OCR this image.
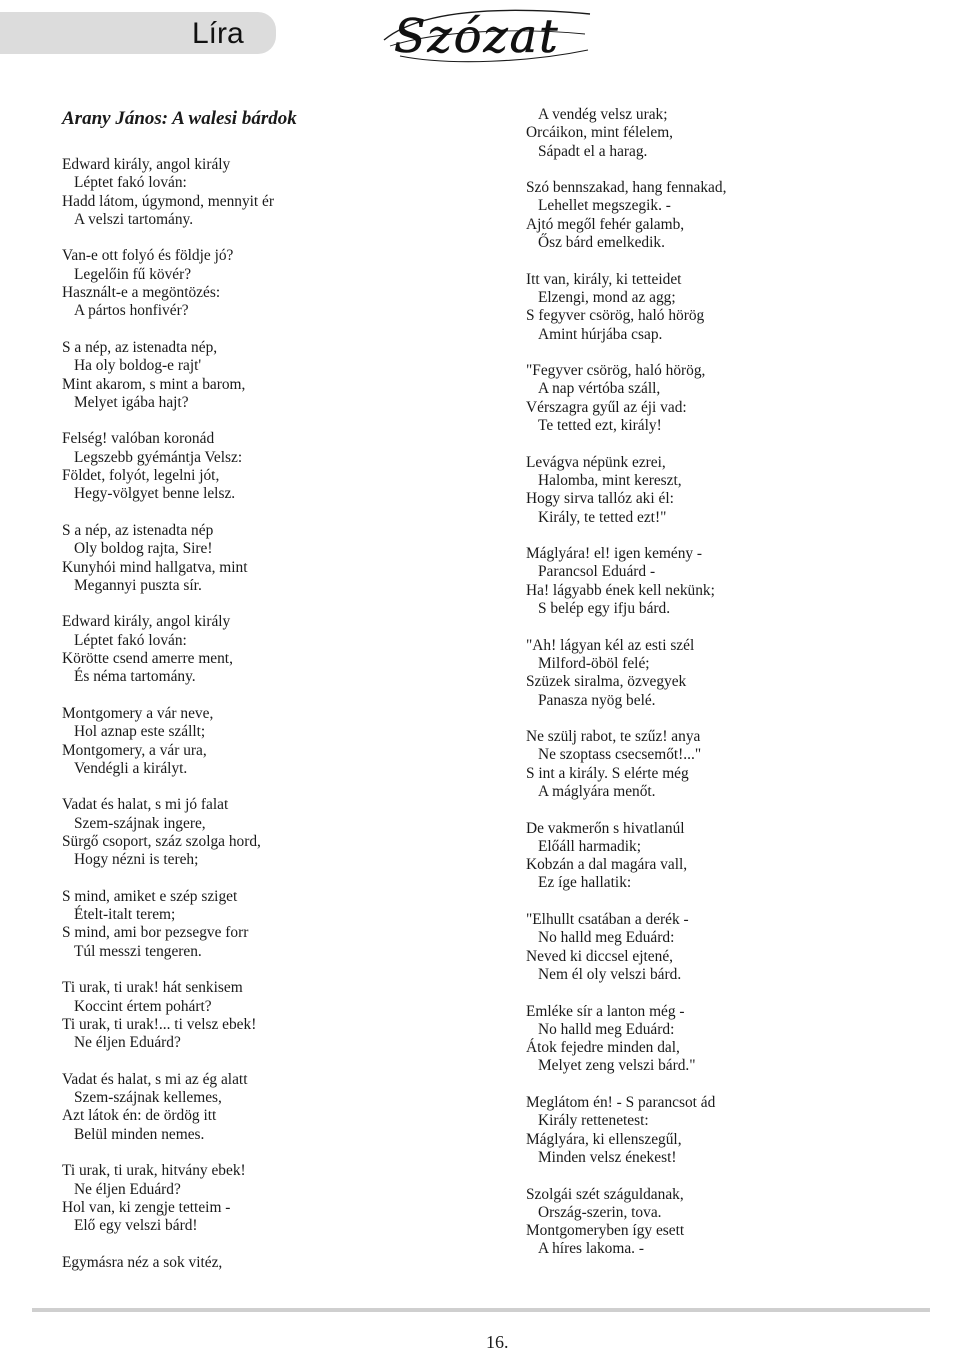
Líra	Szózat
Arany János: A walesi bárdok
Edward király, angol király
Léptet fakó lován:
Hadd látom, úgymond, mennyit ér
A velszi tartomány.
Van-e ott folyó és földje jó?
Legelőin fű kövér?
Használt-e a megöntözés:
A pártos honfivér?
S a nép, az istenadta nép,
Ha oly boldog-e rajt'
Mint akarom, s mint a barom,
Melyet igába hajt?
Felség! valóban koronád
Legszebb gyémántja Velsz:
Földet, folyót, legelni jót,
Hegy-völgyet benne lelsz.
S a nép, az istenadta nép
Oly boldog rajta, Sire!
Kunyhói mind hallgatva, mint
Megannyi puszta sír.
Edward király, angol király
Léptet fakó lován:
Körötte csend amerre ment,
És néma tartomány.
Montgomery a vár neve,
Hol aznap este szállt;
Montgomery, a vár ura,
Vendégli a királyt.
Vadat és halat, s mi jó falat
Szem-szájnak ingere,
Sürgő csoport, száz szolga hord,
Hogy nézni is tereh;
S mind, amiket e szép sziget
Ételt-italt terem;
S mind, ami bor pezsegve forr
Túl messzi tengeren.
Ti urak, ti urak! hát senkisem
Koccint értem pohárt?
Ti urak, ti urak!... ti velsz ebek!
Ne éljen Eduárd?
Vadat és halat, s mi az ég alatt
Szem-szájnak kellemes,
Azt látok én: de ördög itt
Belül minden nemes.
Ti urak, ti urak, hitvány ebek!
Ne éljen Eduárd?
Hol van, ki zengje tetteim -
Elő egy velszi bárd!
Egymásra néz a sok vitéz,
A vendég velsz urak;
Orcáikon, mint félelem,
Sápadt el a harag.
Szó bennszakad, hang fennakad,
Lehellet megszegik. -
Ajtó megől fehér galamb,
Ősz bárd emelkedik.
Itt van, király, ki tetteidet
Elzengi, mond az agg;
S fegyver csörög, haló hörög
Amint húrjába csap.
"Fegyver csörög, haló hörög,
A nap vértóba száll,
Vérszagra gyűl az éji vad:
Te tetted ezt, király!
Levágva népünk ezrei,
Halomba, mint kereszt,
Hogy sirva tallóz aki él:
Király, te tetted ezt!"
Máglyára! el! igen kemény -
Parancsol Eduárd -
Ha! lágyabb ének kell nekünk;
S belép egy ifju bárd.
"Ah! lágyan kél az esti szél
Milford-öböl felé;
Szüzek siralma, özvegyek
Panasza nyög belé.
Ne szülj rabot, te szűz! anya
Ne szoptass csecsemőt!..."
S int a király. S elérte még
A máglyára menőt.
De vakmerőn s hivatlanúl
Előáll harmadik;
Kobzán a dal magára vall,
Ez íge hallatik:
"Elhullt csatában a derék -
No halld meg Eduárd:
Neved ki diccsel ejtené,
Nem él oly velszi bárd.
Emléke sír a lanton még -
No halld meg Eduárd:
Átok fejedre minden dal,
Melyet zeng velszi bárd."
Meglátom én! - S parancsot ád
Király rettenetest:
Máglyára, ki ellenszegűl,
Minden velsz énekest!
Szolgái szét száguldanak,
Ország-szerin, tova.
Montgomeryben így esett
A híres lakoma. -
16.
